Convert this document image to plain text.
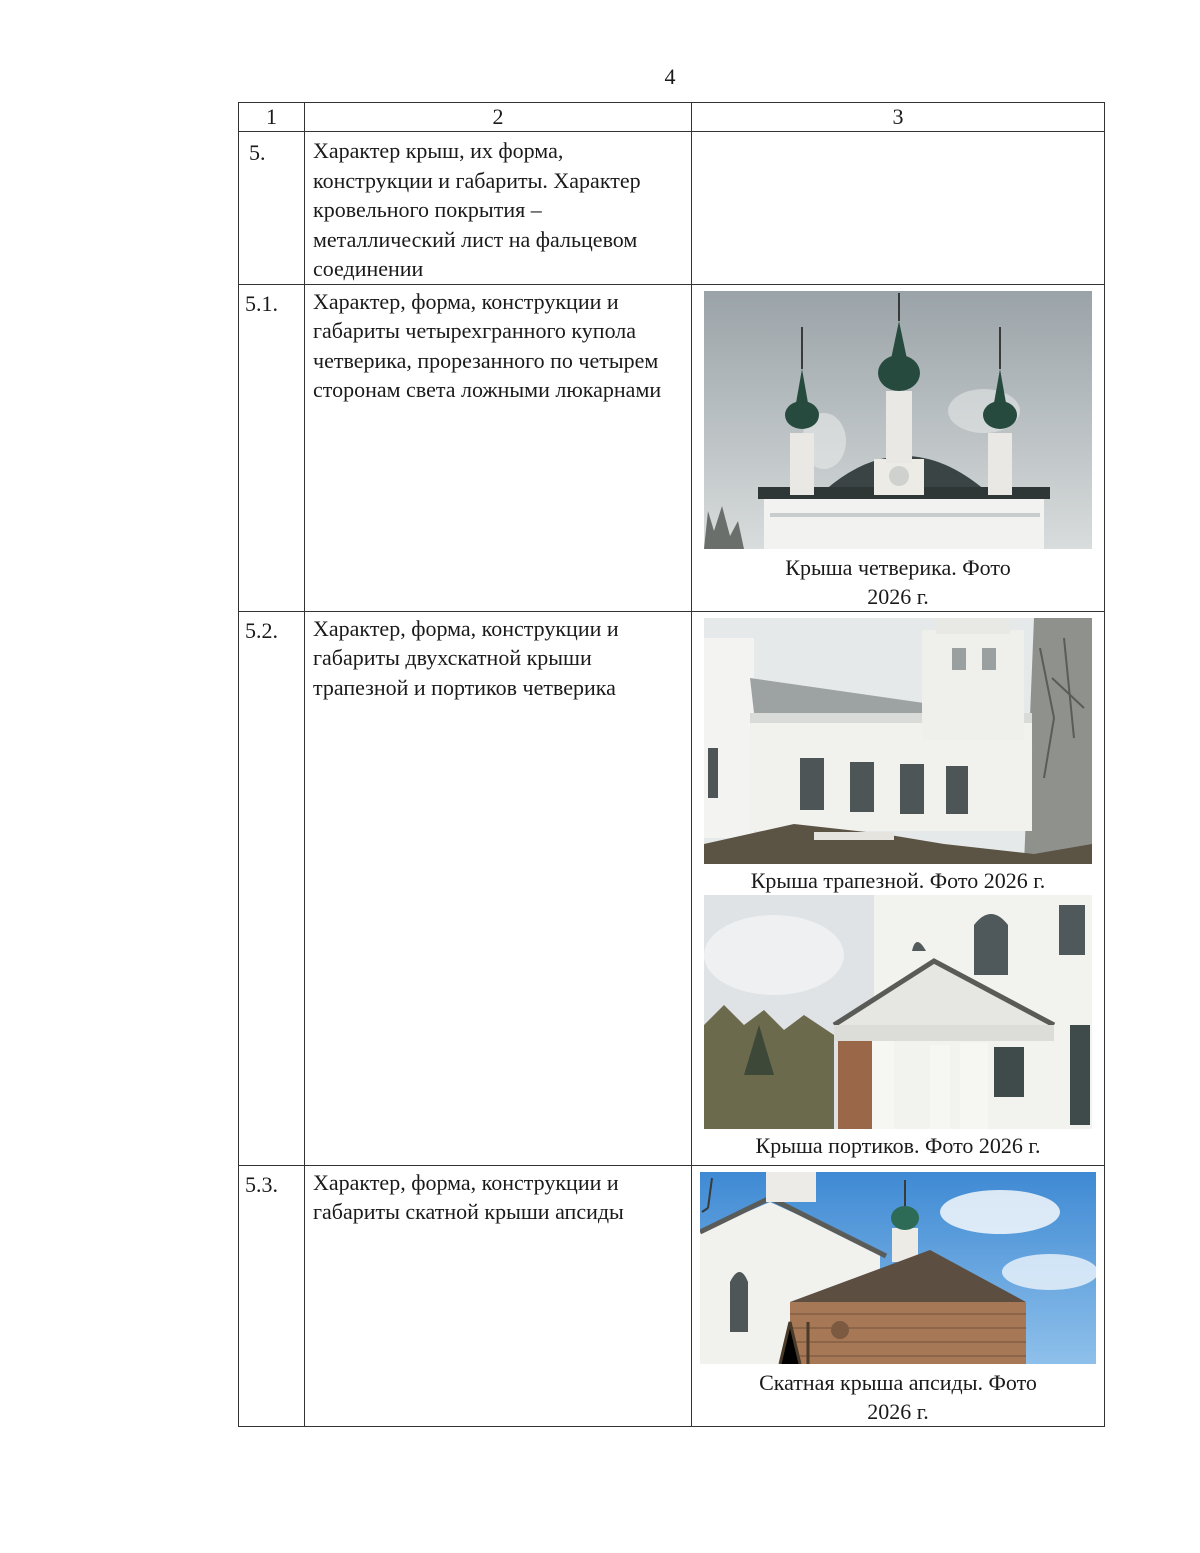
4
1	2	3
5.	Характер крыш, их форма, конструкции и габариты. Характер кровельного покрытия – металлический лист на фальцевом соединении	
5.1.	Характер, форма, конструкции и габариты четырехгранного купола четверика, прорезанного по четырем сторонам света ложными люкарнами	Крыша четверика. Фото 2026 г.

5.2.	Характер, форма, конструкции и габариты двухскатной крыши трапезной и портиков четверика	Крыша трапезной. Фото 2026 г.
Крыша портиков. Фото 2026 г.

5.3.	Характер, форма, конструкции и габариты скатной крыши апсиды	Скатная крыша апсиды. Фото 2026 г.
